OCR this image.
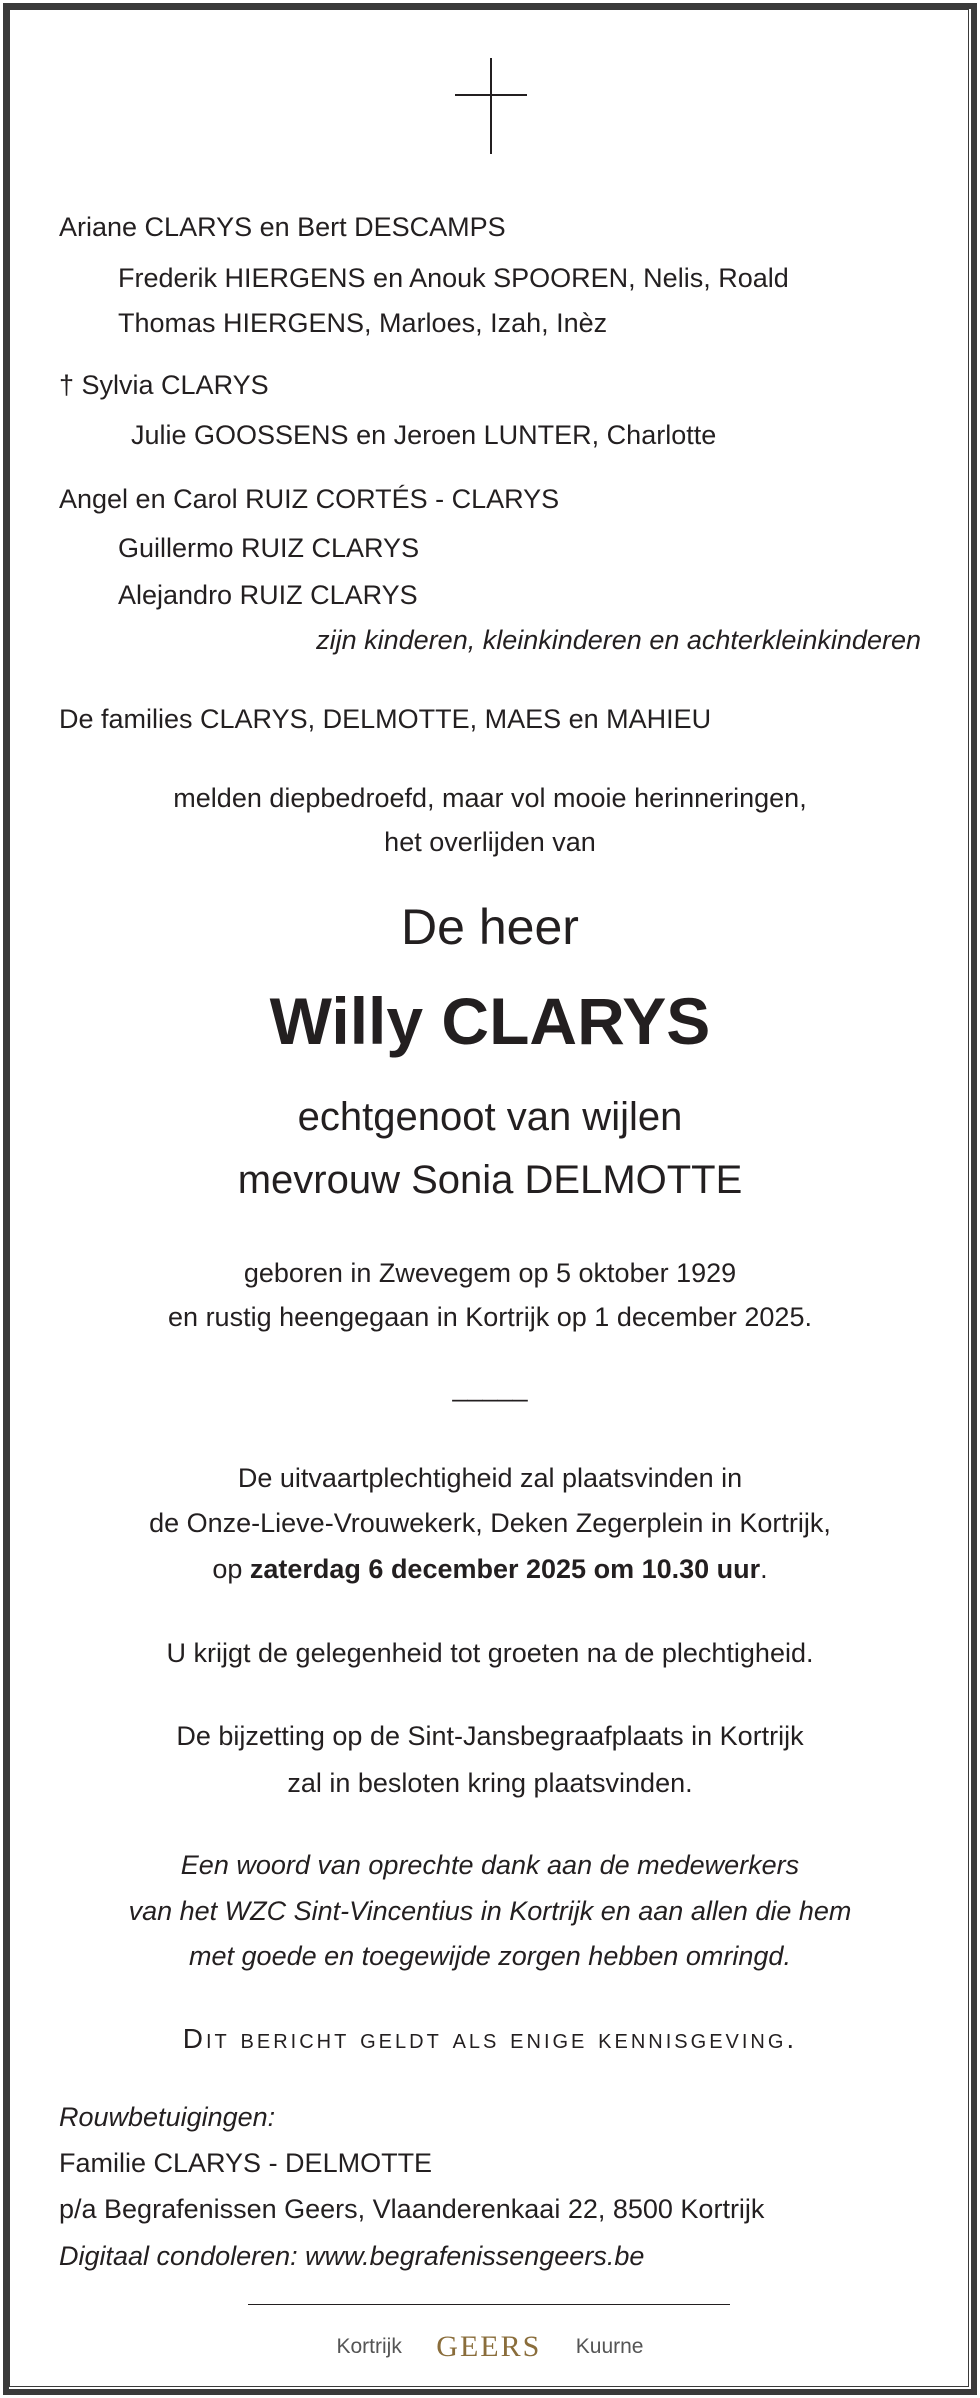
Ariane CLARYS en Bert DESCAMPS
Frederik HIERGENS en Anouk SPOOREN, Nelis, Roald
Thomas HIERGENS, Marloes, Izah, Inèz
† Sylvia CLARYS
Julie GOOSSENS en Jeroen LUNTER, Charlotte
Angel en Carol RUIZ CORTÉS - CLARYS
Guillermo RUIZ CLARYS
Alejandro RUIZ CLARYS
zijn kinderen, kleinkinderen en achterkleinkinderen
De families CLARYS, DELMOTTE, MAES en MAHIEU
melden diepbedroefd, maar vol mooie herinneringen,
het overlijden van
De heer
Willy CLARYS
echtgenoot van wijlen
mevrouw Sonia DELMOTTE
geboren in Zwevegem op 5 oktober 1929
en rustig heengegaan in Kortrijk op 1 december 2025.
_____
De uitvaartplechtigheid zal plaatsvinden in
de Onze-Lieve-Vrouwekerk, Deken Zegerplein in Kortrijk,
op zaterdag 6 december 2025 om 10.30 uur.
U krijgt de gelegenheid tot groeten na de plechtigheid.
De bijzetting op de Sint-Jansbegraafplaats in Kortrijk
zal in besloten kring plaatsvinden.
Een woord van oprechte dank aan de medewerkers
van het WZC Sint-Vincentius in Kortrijk en aan allen die hem
met goede en toegewijde zorgen hebben omringd.
Dit bericht geldt als enige kennisgeving.
Rouwbetuigingen:
Familie CLARYS - DELMOTTE
p/a Begrafenissen Geers, Vlaanderenkaai 22, 8500 Kortrijk
Digitaal condoleren: www.begrafenissengeers.be
Kortrijk GEERS Kuurne
